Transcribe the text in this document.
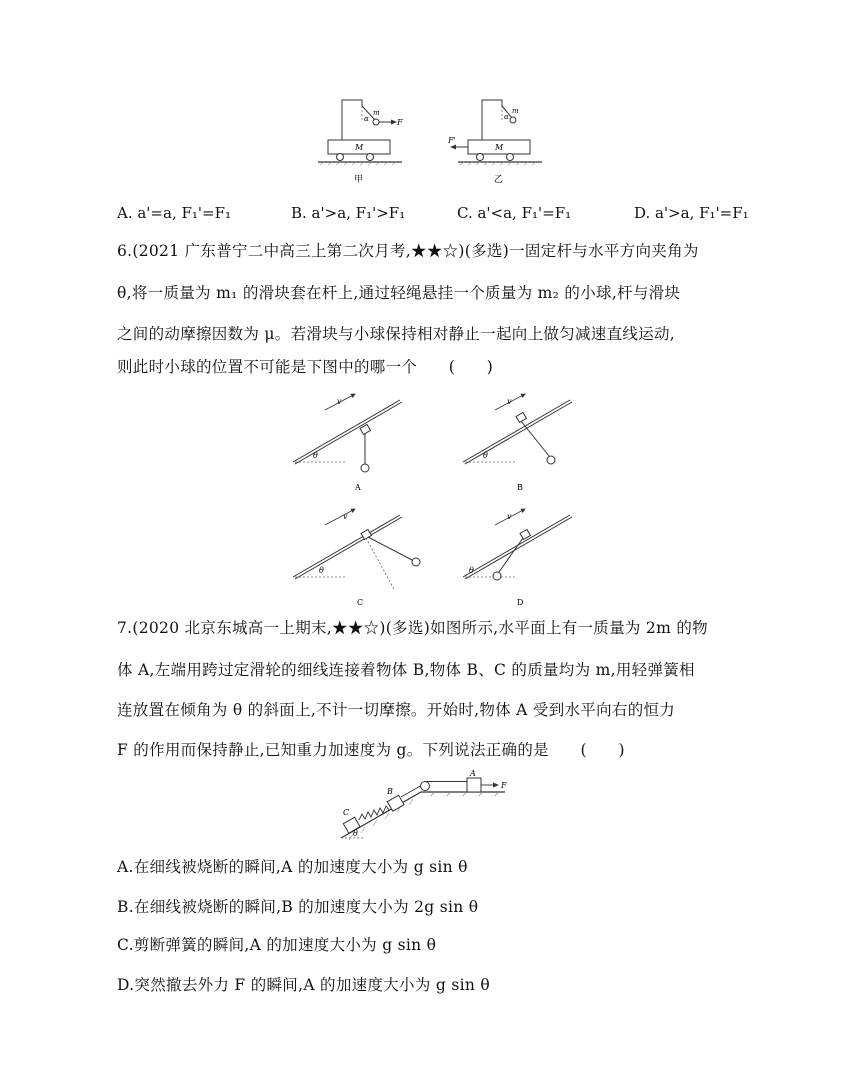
M
α
m
F
甲
M
α
m
F'
乙
A. a'=a, F₁'=F₁	B. a'>a, F₁'>F₁	C. a'<a, F₁'=F₁	D. a'>a, F₁'=F₁
6.(2021 广东普宁二中高三上第二次月考,★★☆)(多选)一固定杆与水平方向夹角为
θ,将一质量为 m₁ 的滑块套在杆上,通过轻绳悬挂一个质量为 m₂ 的小球,杆与滑块
之间的动摩擦因数为 μ。若滑块与小球保持相对静止一起向上做匀减速直线运动,
则此时小球的位置不可能是下图中的哪一个　　(　　)
θ
v
A
θ
v
B
θ
v
C
θ
v
D
7.(2020 北京东城高一上期末,★★☆)(多选)如图所示,水平面上有一质量为 2m 的物
体 A,左端用跨过定滑轮的细线连接着物体 B,物体 B、C 的质量均为 m,用轻弹簧相
连放置在倾角为 θ 的斜面上,不计一切摩擦。开始时,物体 A 受到水平向右的恒力
F 的作用而保持静止,已知重力加速度为 g。下列说法正确的是　　(　　)
C
B
A
F
θ
A.在细线被烧断的瞬间,A 的加速度大小为 g sin θ
B.在细线被烧断的瞬间,B 的加速度大小为 2g sin θ
C.剪断弹簧的瞬间,A 的加速度大小为 g sin θ
D.突然撤去外力 F 的瞬间,A 的加速度大小为 g sin θ
